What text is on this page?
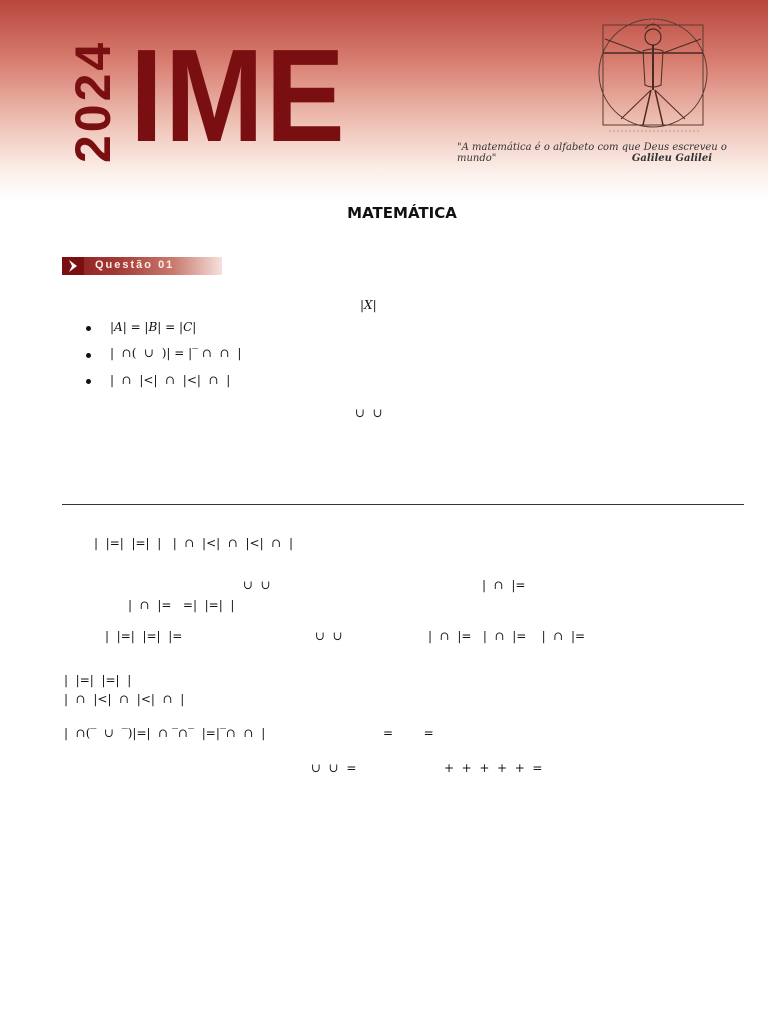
2024 IME	"A matemática é o alfabeto com que Deus escreveu o mundo"	Galileu Galilei
MATEMÁTICA
Questão 01
|X|
|A| = |B| = |C|
|  ∩(  ∪  )| = |‾ ∩  ∩  |
|  ∩  |<|  ∩  |<|  ∩  |
∪  ∪
|  |=|  |=|  |   |  ∩  |<|  ∩  |<|  ∩  |
∪  ∪	|  ∩  |=
|  ∩  |=   =|  |=|  |
|  |=|  |=|  |=	∪  ∪	|  ∩  |=   |  ∩  |=    |  ∩  |=
|  |=|  |=|  |
|  ∩  |<|  ∩  |<|  ∩  |
|  ∩(‾  ∪  ‾)|=|  ∩ ‾∩‾  |=|‾∩  ∩  |	=        =
∪  ∪  =	+  +  +  +  +  =
